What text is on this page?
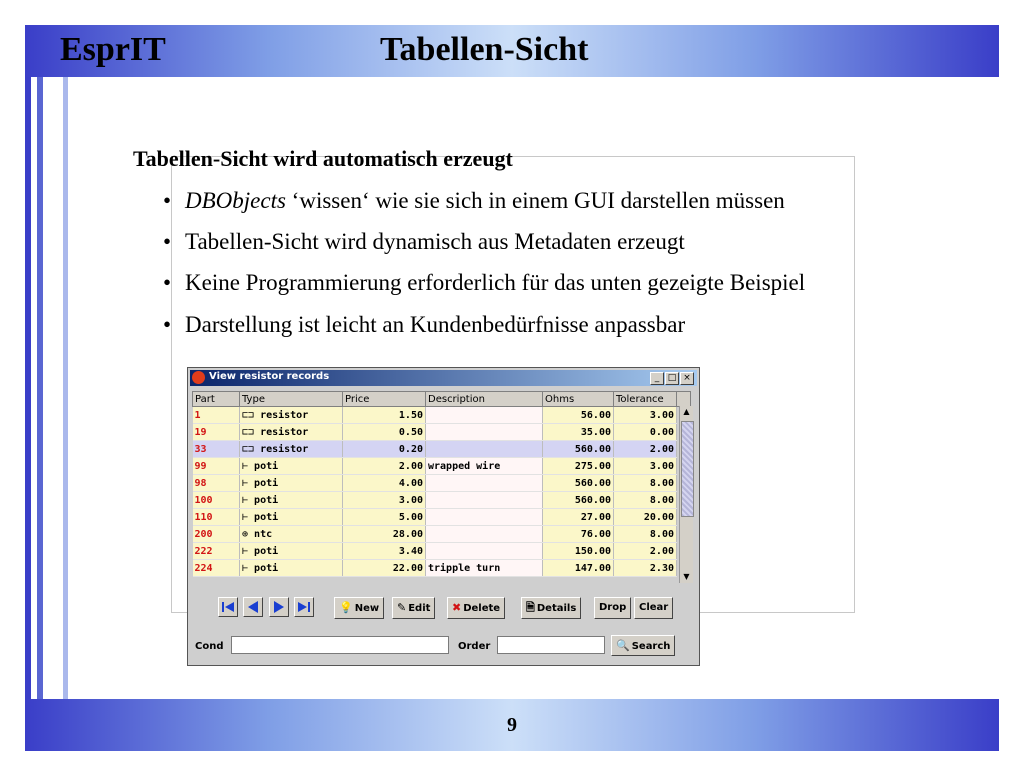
EsprIT	Tabellen-Sicht
Tabellen-Sicht wird automatisch erzeugt
• DBObjects ‘wissen‘ wie sie sich in einem GUI darstellen müssen
• Tabellen-Sicht wird dynamisch aus Metadaten erzeugt
• Keine Programmierung erforderlich für das unten gezeigte Beispiel
• Darstellung ist leicht an Kundenbedürfnisse anpassbar
View resistor records	_ □ ×
Part	Type	Price	Description	Ohms	Tolerance	
1	⊏⊐ resistor	1.50		56.00	3.00	
19	⊏⊐ resistor	0.50		35.00	0.00	
33	⊏⊐ resistor	0.20		560.00	2.00	
99	⊢ poti	2.00	wrapped wire	275.00	3.00	
98	⊢ poti	4.00		560.00	8.00	
100	⊢ poti	3.00		560.00	8.00	
110	⊢ poti	5.00		27.00	20.00	
200	⊕ ntc	28.00		76.00	8.00	
222	⊢ poti	3.40		150.00	2.00	
224	⊢ poti	22.00	tripple turn	147.00	2.30	
▲
▼
💡 New	✎ Edit	✖ Delete	🗎 Details	Drop	Clear
Cond	Order	🔍 Search
9
